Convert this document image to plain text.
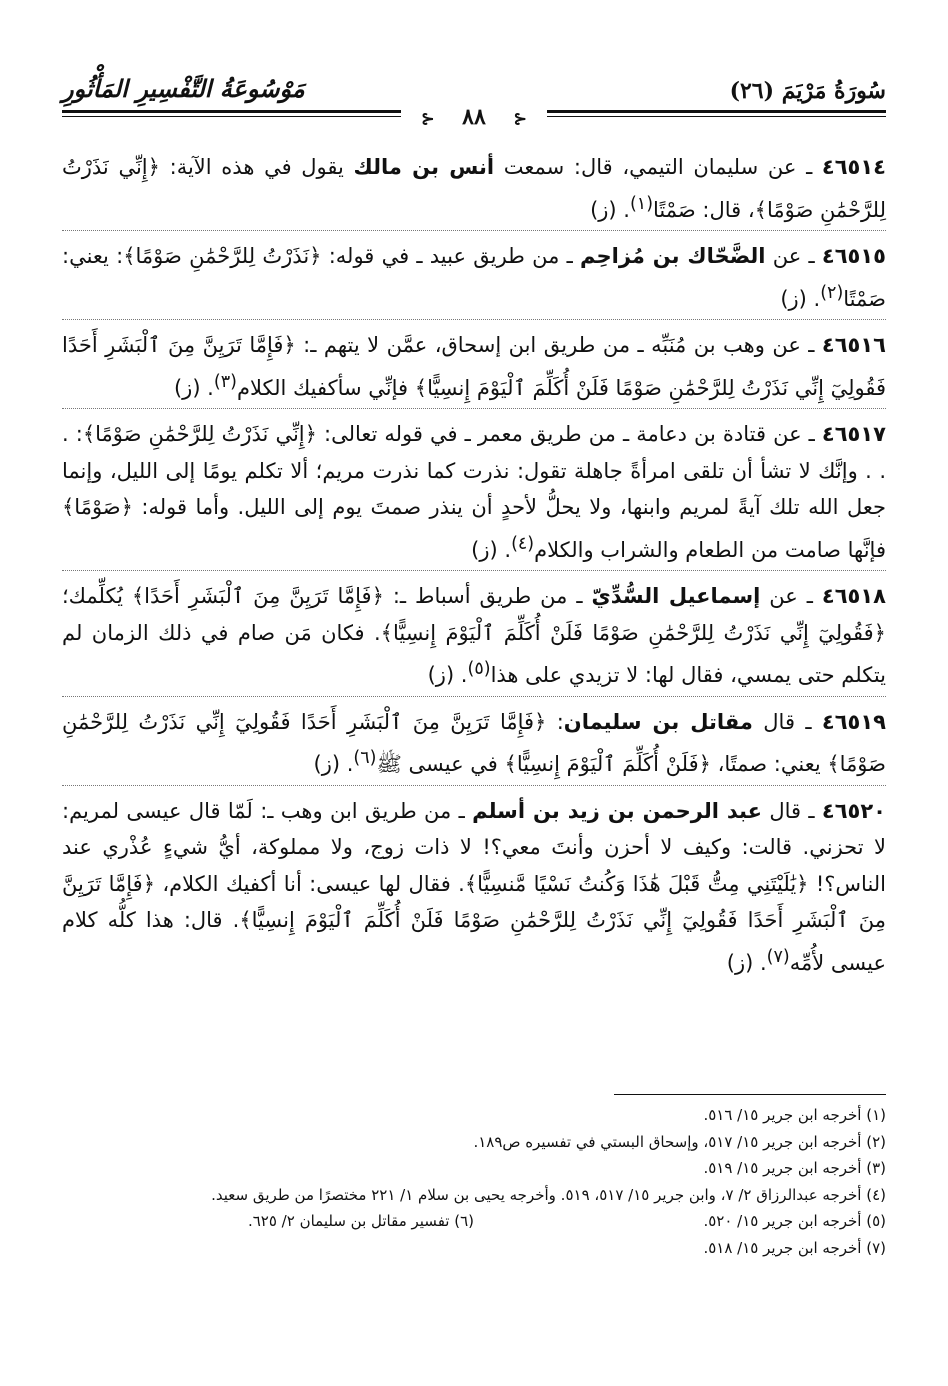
سُورَةُ مَرْيَمَ (٢٦)
مَوْسُوعَةُ التَّفْسِيرِ المَأْثُورِ
⊱ ٨٨ ⊱
٤٦٥١٤ ـ عن سليمان التيمي، قال: سمعت أنس بن مالك يقول في هذه الآية: ﴿إِنِّي نَذَرْتُ لِلرَّحْمَٰنِ صَوْمًا﴾، قال: صَمْتًا$^{(١)}$. (ز)
٤٦٥١٥ ـ عن الضَّحّاك بن مُزاحِم ـ من طريق عبيد ـ في قوله: ﴿نَذَرْتُ لِلرَّحْمَٰنِ صَوْمًا﴾: يعني: صَمْتًا$^{(٢)}$. (ز)
٤٦٥١٦ ـ عن وهب بن مُنَبِّه ـ من طريق ابن إسحاق، عمَّن لا يتهم ـ: ﴿فَإِمَّا تَرَيِنَّ مِنَ ٱلْبَشَرِ أَحَدًا فَقُولِيٓ إِنِّي نَذَرْتُ لِلرَّحْمَٰنِ صَوْمًا فَلَنْ أُكَلِّمَ ٱلْيَوْمَ إِنسِيًّا﴾ فإنِّي سأكفيك الكلام$^{(٣)}$. (ز)
٤٦٥١٧ ـ عن قتادة بن دعامة ـ من طريق معمر ـ في قوله تعالى: ﴿إِنِّي نَذَرْتُ لِلرَّحْمَٰنِ صَوْمًا﴾: . . . وإنَّك لا تشأ أن تلقى امرأةً جاهلة تقول: نذرت كما نذرت مريم؛ ألا تكلم يومًا إلى الليل، وإنما جعل الله تلك آيةً لمريم وابنها، ولا يحلُّ لأحدٍ أن ينذر صمتَ يوم إلى الليل. وأما قوله: ﴿صَوْمًا﴾ فإنَّها صامت من الطعام والشراب والكلام$^{(٤)}$. (ز)
٤٦٥١٨ ـ عن إسماعيل السُّدِّيّ ـ من طريق أسباط ـ: ﴿فَإِمَّا تَرَيِنَّ مِنَ ٱلْبَشَرِ أَحَدًا﴾ يُكلِّمك؛ ﴿فَقُولِيٓ إِنِّي نَذَرْتُ لِلرَّحْمَٰنِ صَوْمًا فَلَنْ أُكَلِّمَ ٱلْيَوْمَ إِنسِيًّا﴾. فكان مَن صام في ذلك الزمان لم يتكلم حتى يمسي، فقال لها: لا تزيدي على هذا$^{(٥)}$. (ز)
٤٦٥١٩ ـ قال مقاتل بن سليمان: ﴿فَإِمَّا تَرَيِنَّ مِنَ ٱلْبَشَرِ أَحَدًا فَقُولِيٓ إِنِّي نَذَرْتُ لِلرَّحْمَٰنِ صَوْمًا﴾ يعني: صمتًا، ﴿فَلَنْ أُكَلِّمَ ٱلْيَوْمَ إِنسِيًّا﴾ في عيسى ﷺ$^{(٦)}$. (ز)
٤٦٥٢٠ ـ قال عبد الرحمن بن زيد بن أسلم ـ من طريق ابن وهب ـ: لَمّا قال عيسى لمريم: لا تحزني. قالت: وكيف لا أحزن وأنتَ معي؟! لا ذات زوج، ولا مملوكة، أيُّ شيءٍ عُذْري عند الناس؟! ﴿يَٰلَيْتَنِي مِتُّ قَبْلَ هَٰذَا وَكُنتُ نَسْيًا مَّنسِيًّا﴾. فقال لها عيسى: أنا أكفيك الكلام، ﴿فَإِمَّا تَرَيِنَّ مِنَ ٱلْبَشَرِ أَحَدًا فَقُولِيٓ إِنِّي نَذَرْتُ لِلرَّحْمَٰنِ صَوْمًا فَلَنْ أُكَلِّمَ ٱلْيَوْمَ إِنسِيًّا﴾. قال: هذا كلُّه كلام عيسى لأُمِّه$^{(٧)}$. (ز)
(١) أخرجه ابن جرير ١٥/ ٥١٦.
(٢) أخرجه ابن جرير ١٥/ ٥١٧، وإسحاق البستي في تفسيره ص١٨٩.
(٣) أخرجه ابن جرير ١٥/ ٥١٩.
(٤) أخرجه عبدالرزاق ٢/ ٧، وابن جرير ١٥/ ٥١٧، ٥١٩. وأخرجه يحيى بن سلام ١/ ٢٢١ مختصرًا من طريق سعيد.
(٥) أخرجه ابن جرير ١٥/ ٥٢٠.
(٦) تفسير مقاتل بن سليمان ٢/ ٦٢٥.
(٧) أخرجه ابن جرير ١٥/ ٥١٨.
